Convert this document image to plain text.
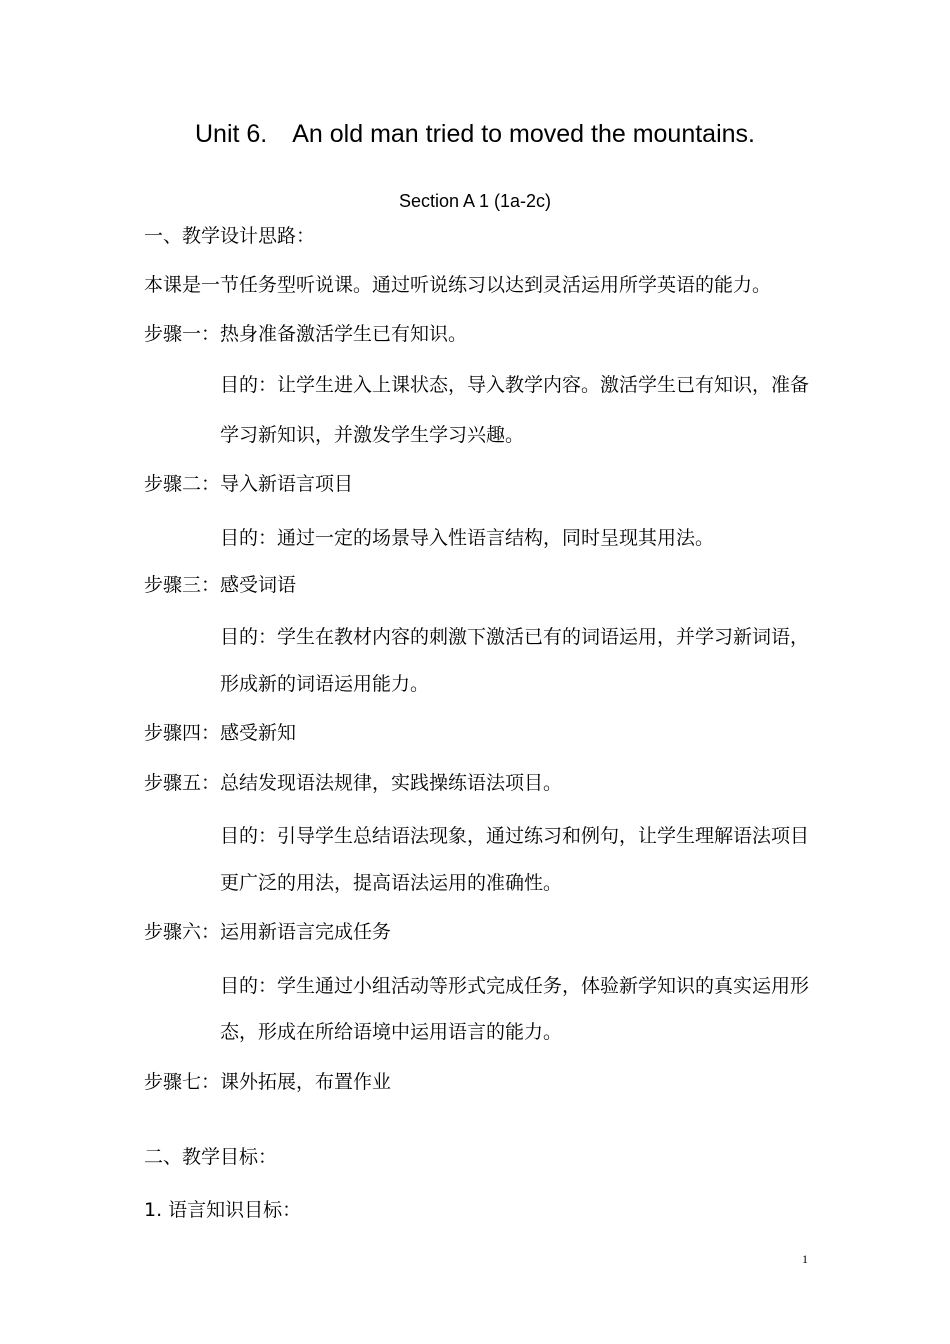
Unit 6.  An old man tried to moved the mountains.
Section A 1 (1a-2c)
一、教学设计思路：
本课是一节任务型听说课。通过听说练习以达到灵活运用所学英语的能力。
步骤一：热身准备激活学生已有知识。
目的：让学生进入上课状态，导入教学内容。激活学生已有知识，准备
学习新知识，并激发学生学习兴趣。
步骤二：导入新语言项目
目的：通过一定的场景导入性语言结构，同时呈现其用法。
步骤三：感受词语
目的：学生在教材内容的刺激下激活已有的词语运用，并学习新词语，
形成新的词语运用能力。
步骤四：感受新知
步骤五：总结发现语法规律，实践操练语法项目。
目的：引导学生总结语法现象，通过练习和例句，让学生理解语法项目
更广泛的用法，提高语法运用的准确性。
步骤六：运用新语言完成任务
目的：学生通过小组活动等形式完成任务，体验新学知识的真实运用形
态，形成在所给语境中运用语言的能力。
步骤七：课外拓展，布置作业
二、教学目标：
1. 语言知识目标：
1
